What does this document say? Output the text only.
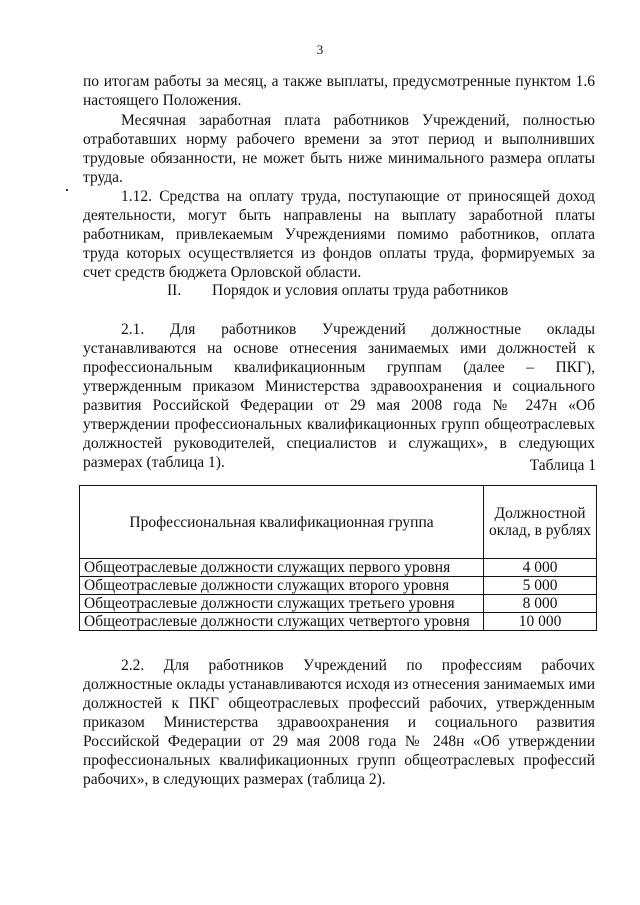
3
по итогам работы за месяц, а также выплаты, предусмотренные пунктом 1.6 настоящего Положения.
Месячная заработная плата работников Учреждений, полностью отработавших норму рабочего времени за этот период и выполнивших трудовые обязанности, не может быть ниже минимального размера оплаты труда.
1.12. Средства на оплату труда, поступающие от приносящей доход деятельности, могут быть направлены на выплату заработной платы работникам, привлекаемым Учреждениями помимо работников, оплата труда которых осуществляется из фондов оплаты труда, формируемых за счет средств бюджета Орловской области.
II. Порядок и условия оплаты труда работников
2.1. Для работников Учреждений должностные оклады устанавливаются на основе отнесения занимаемых ими должностей к профессиональным квалификационным группам (далее – ПКГ), утвержденным приказом Министерства здравоохранения и социального развития Российской Федерации от 29 мая 2008 года № 247н «Об утверждении профессиональных квалификационных групп общеотраслевых должностей руководителей, специалистов и служащих», в следующих размерах (таблица 1).	Таблица 1
Профессиональная квалификационная группа	Должностной оклад, в рублях
Общеотраслевые должности служащих первого уровня	4 000
Общеотраслевые должности служащих второго уровня	5 000
Общеотраслевые должности служащих третьего уровня	8 000
Общеотраслевые должности служащих четвертого уровня	10 000
2.2. Для работников Учреждений по профессиям рабочих должностные оклады устанавливаются исходя из отнесения занимаемых ими должностей к ПКГ общеотраслевых профессий рабочих, утвержденным приказом Министерства здравоохранения и социального развития Российской Федерации от 29 мая 2008 года № 248н «Об утверждении профессиональных квалификационных групп общеотраслевых профессий рабочих», в следующих размерах (таблица 2).
